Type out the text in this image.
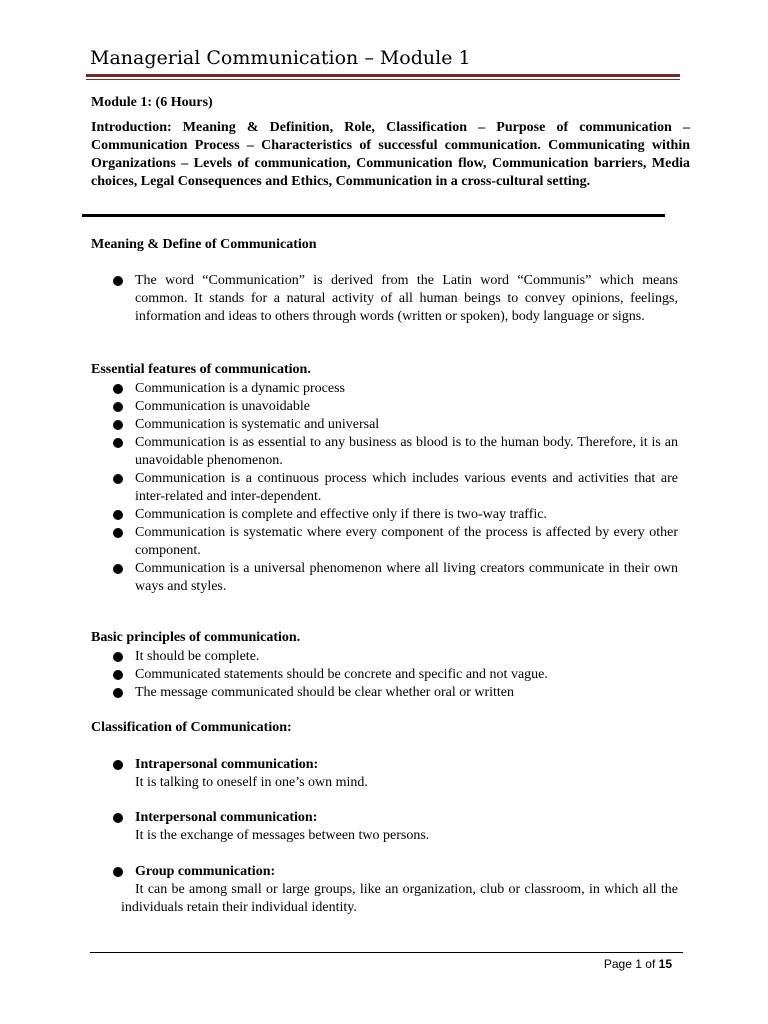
Managerial Communication – Module 1
Module 1: (6 Hours)
Introduction: Meaning & Definition, Role, Classification – Purpose of communication – Communication Process – Characteristics of successful communication. Communicating within Organizations – Levels of communication, Communication flow, Communication barriers, Media choices, Legal Consequences and Ethics, Communication in a cross-cultural setting.
Meaning & Define of Communication
The word “Communication” is derived from the Latin word “Communis” which means common. It stands for a natural activity of all human beings to convey opinions, feelings, information and ideas to others through words (written or spoken), body language or signs.
Essential features of communication.
Communication is a dynamic process
Communication is unavoidable
Communication is systematic and universal
Communication is as essential to any business as blood is to the human body. Therefore, it is an unavoidable phenomenon.
Communication is a continuous process which includes various events and activities that are inter-related and inter-dependent.
Communication is complete and effective only if there is two-way traffic.
Communication is systematic where every component of the process is affected by every other component.
Communication is a universal phenomenon where all living creators communicate in their own ways and styles.
Basic principles of communication.
It should be complete.
Communicated statements should be concrete and specific and not vague.
The message communicated should be clear whether oral or written
Classification of Communication:
Intrapersonal communication:
It is talking to oneself in one’s own mind.
Interpersonal communication:
It is the exchange of messages between two persons.
Group communication:
It can be among small or large groups, like an organization, club or classroom, in which all the individuals retain their individual identity.
Page 1 of 15
